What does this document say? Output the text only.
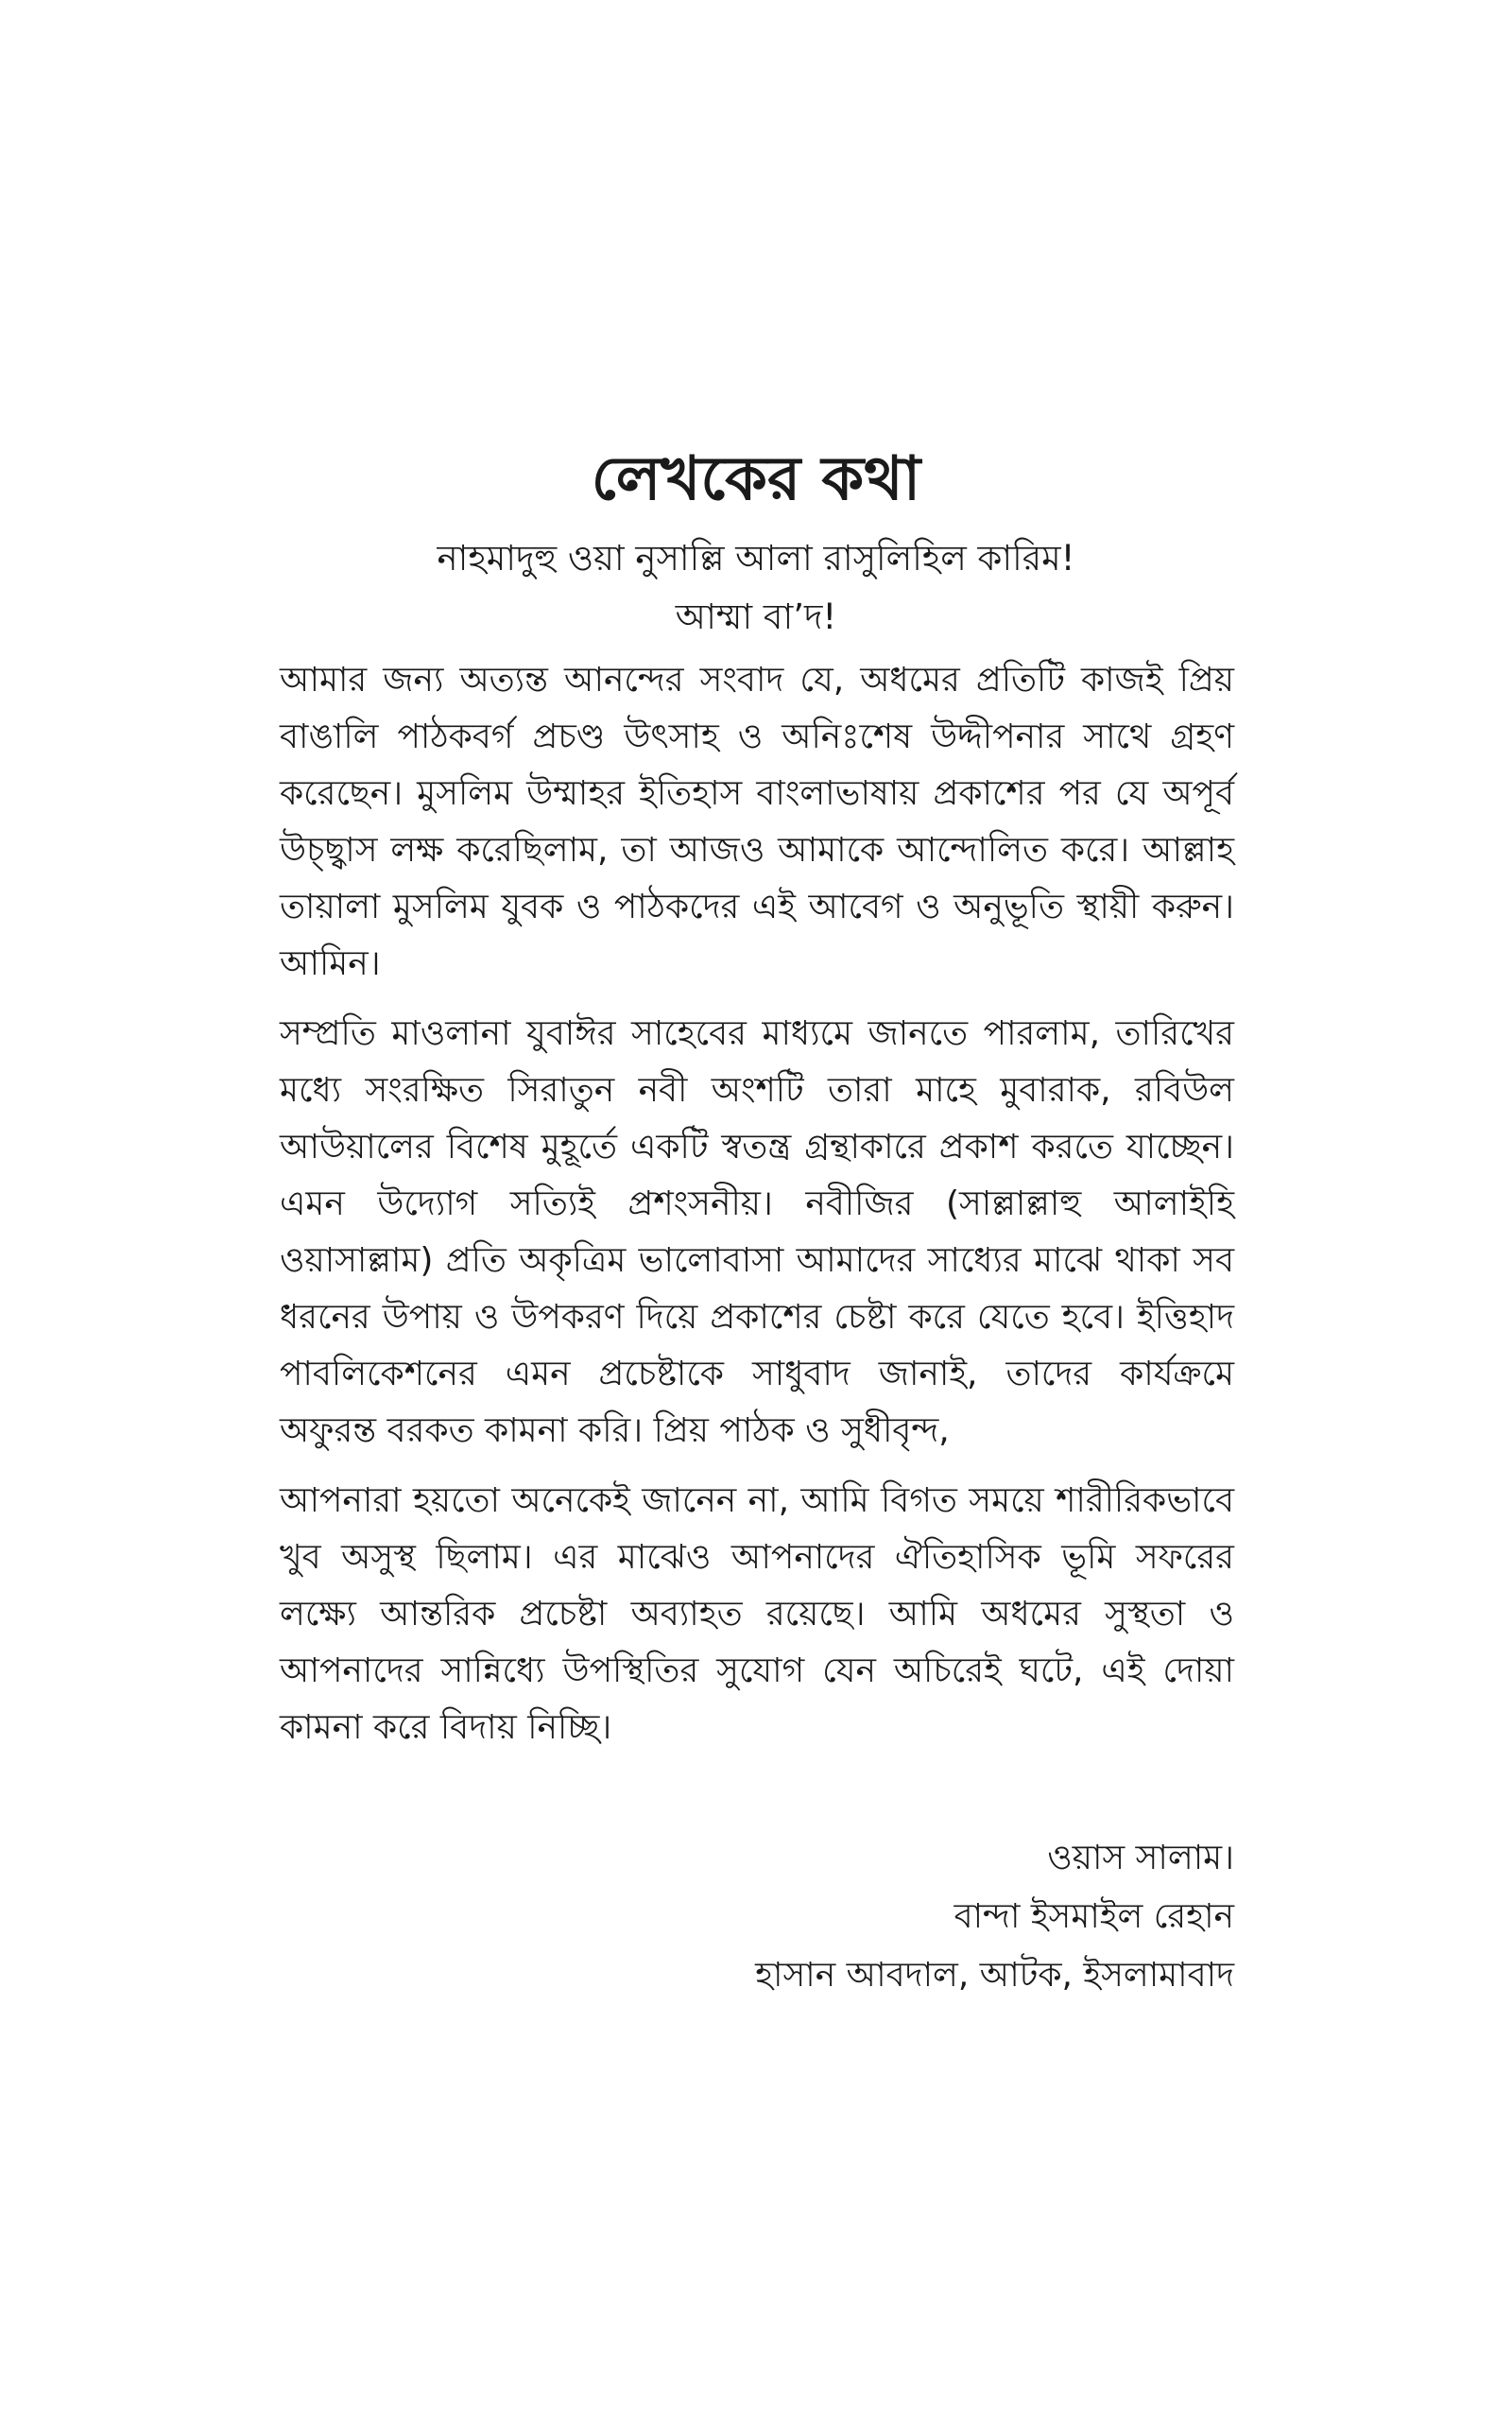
লেখকের কথা

নাহমাদুহু ওয়া নুসাল্লি আলা রাসুলিহিল কারিম!

আম্মা বা’দ!

আমার জন্য অত্যন্ত আনন্দের সংবাদ যে, অধমের প্রতিটি কাজই প্রিয় বাঙালি পাঠকবর্গ প্রচণ্ড উৎসাহ ও অনিঃশেষ উদ্দীপনার সাথে গ্রহণ করেছেন। মুসলিম উম্মাহর ইতিহাস বাংলাভাষায় প্রকাশের পর যে অপূর্ব উচ্ছ্বাস লক্ষ করেছিলাম, তা আজও আমাকে আন্দোলিত করে। আল্লাহ তায়ালা মুসলিম যুবক ও পাঠকদের এই আবেগ ও অনুভূতি স্থায়ী করুন। আমিন।

সম্প্রতি মাওলানা যুবাঈর সাহেবের মাধ্যমে জানতে পারলাম, তারিখের মধ্যে সংরক্ষিত সিরাতুন নবী অংশটি তারা মাহে মুবারাক, রবিউল আউয়ালের বিশেষ মুহূর্তে একটি স্বতন্ত্র গ্রন্থাকারে প্রকাশ করতে যাচ্ছেন। এমন উদ্যোগ সত্যিই প্রশংসনীয়। নবীজির (সাল্লাল্লাহু আলাইহি ওয়াসাল্লাম) প্রতি অকৃত্রিম ভালোবাসা আমাদের সাধ্যের মাঝে থাকা সব ধরনের উপায় ও উপকরণ দিয়ে প্রকাশের চেষ্টা করে যেতে হবে। ইত্তিহাদ পাবলিকেশনের এমন প্রচেষ্টাকে সাধুবাদ জানাই, তাদের কার্যক্রমে অফুরন্ত বরকত কামনা করি। প্রিয় পাঠক ও সুধীবৃন্দ,

আপনারা হয়তো অনেকেই জানেন না, আমি বিগত সময়ে শারীরিকভাবে খুব অসুস্থ ছিলাম। এর মাঝেও আপনাদের ঐতিহাসিক ভূমি সফরের লক্ষ্যে আন্তরিক প্রচেষ্টা অব্যাহত রয়েছে। আমি অধমের সুস্থতা ও আপনাদের সান্নিধ্যে উপস্থিতির সুযোগ যেন অচিরেই ঘটে, এই দোয়া কামনা করে বিদায় নিচ্ছি।

ওয়াস সালাম।

বান্দা ইসমাইল রেহান

হাসান আবদাল, আটক, ইসলামাবাদ
